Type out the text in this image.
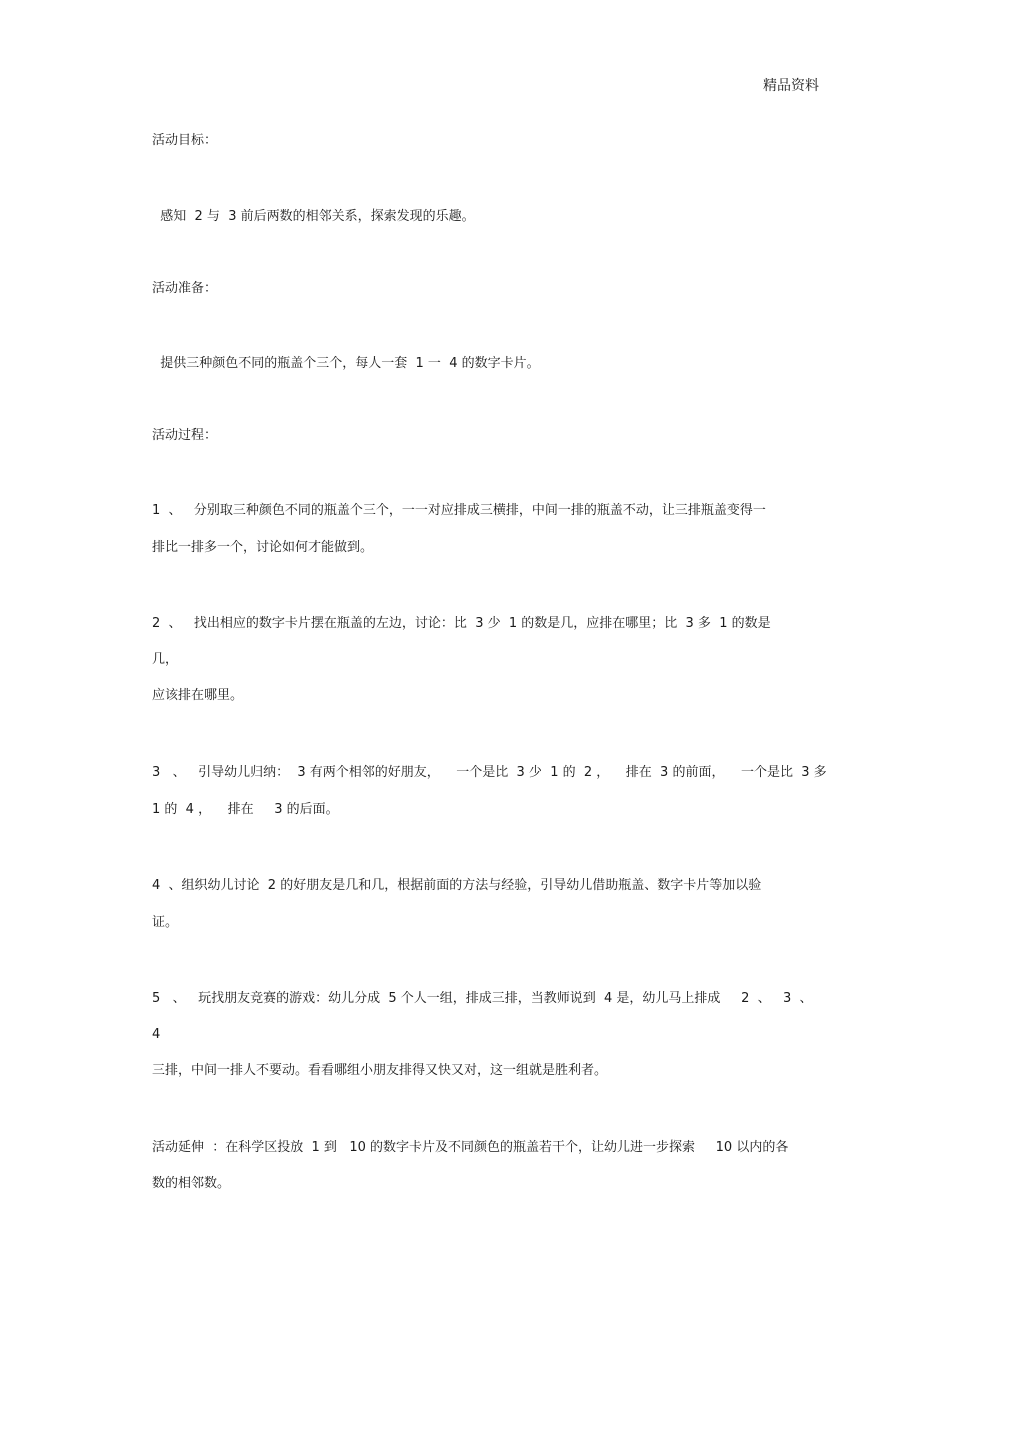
精品资料
活动目标：
感知  2 与  3 前后两数的相邻关系，探索发现的乐趣。
活动准备：
提供三种颜色不同的瓶盖个三个，每人一套  1 一  4 的数字卡片。
活动过程：
1  、   分别取三种颜色不同的瓶盖个三个，一一对应排成三横排，中间一排的瓶盖不动，让三排瓶盖变得一
排比一排多一个，讨论如何才能做到。
2  、   找出相应的数字卡片摆在瓶盖的左边，讨论：比  3 少  1 的数是几，应排在哪里；比  3 多  1 的数是
几，
应该排在哪里。
3   、   引导幼儿归纳：  3 有两个相邻的好朋友，    一个是比  3 少  1 的  2 ，    排在  3 的前面，    一个是比  3 多
1 的  4 ，    排在     3 的后面。
4  、组织幼儿讨论  2 的好朋友是几和几，根据前面的方法与经验，引导幼儿借助瓶盖、数字卡片等加以验
证。
5   、   玩找朋友竞赛的游戏：幼儿分成  5 个人一组，排成三排，当教师说到  4 是，幼儿马上排成     2  、   3  、
4
三排，中间一排人不要动。看看哪组小朋友排得又快又对，这一组就是胜利者。
活动延伸  ：在科学区投放  1 到   10 的数字卡片及不同颜色的瓶盖若干个，让幼儿进一步探索     10 以内的各
数的相邻数。
